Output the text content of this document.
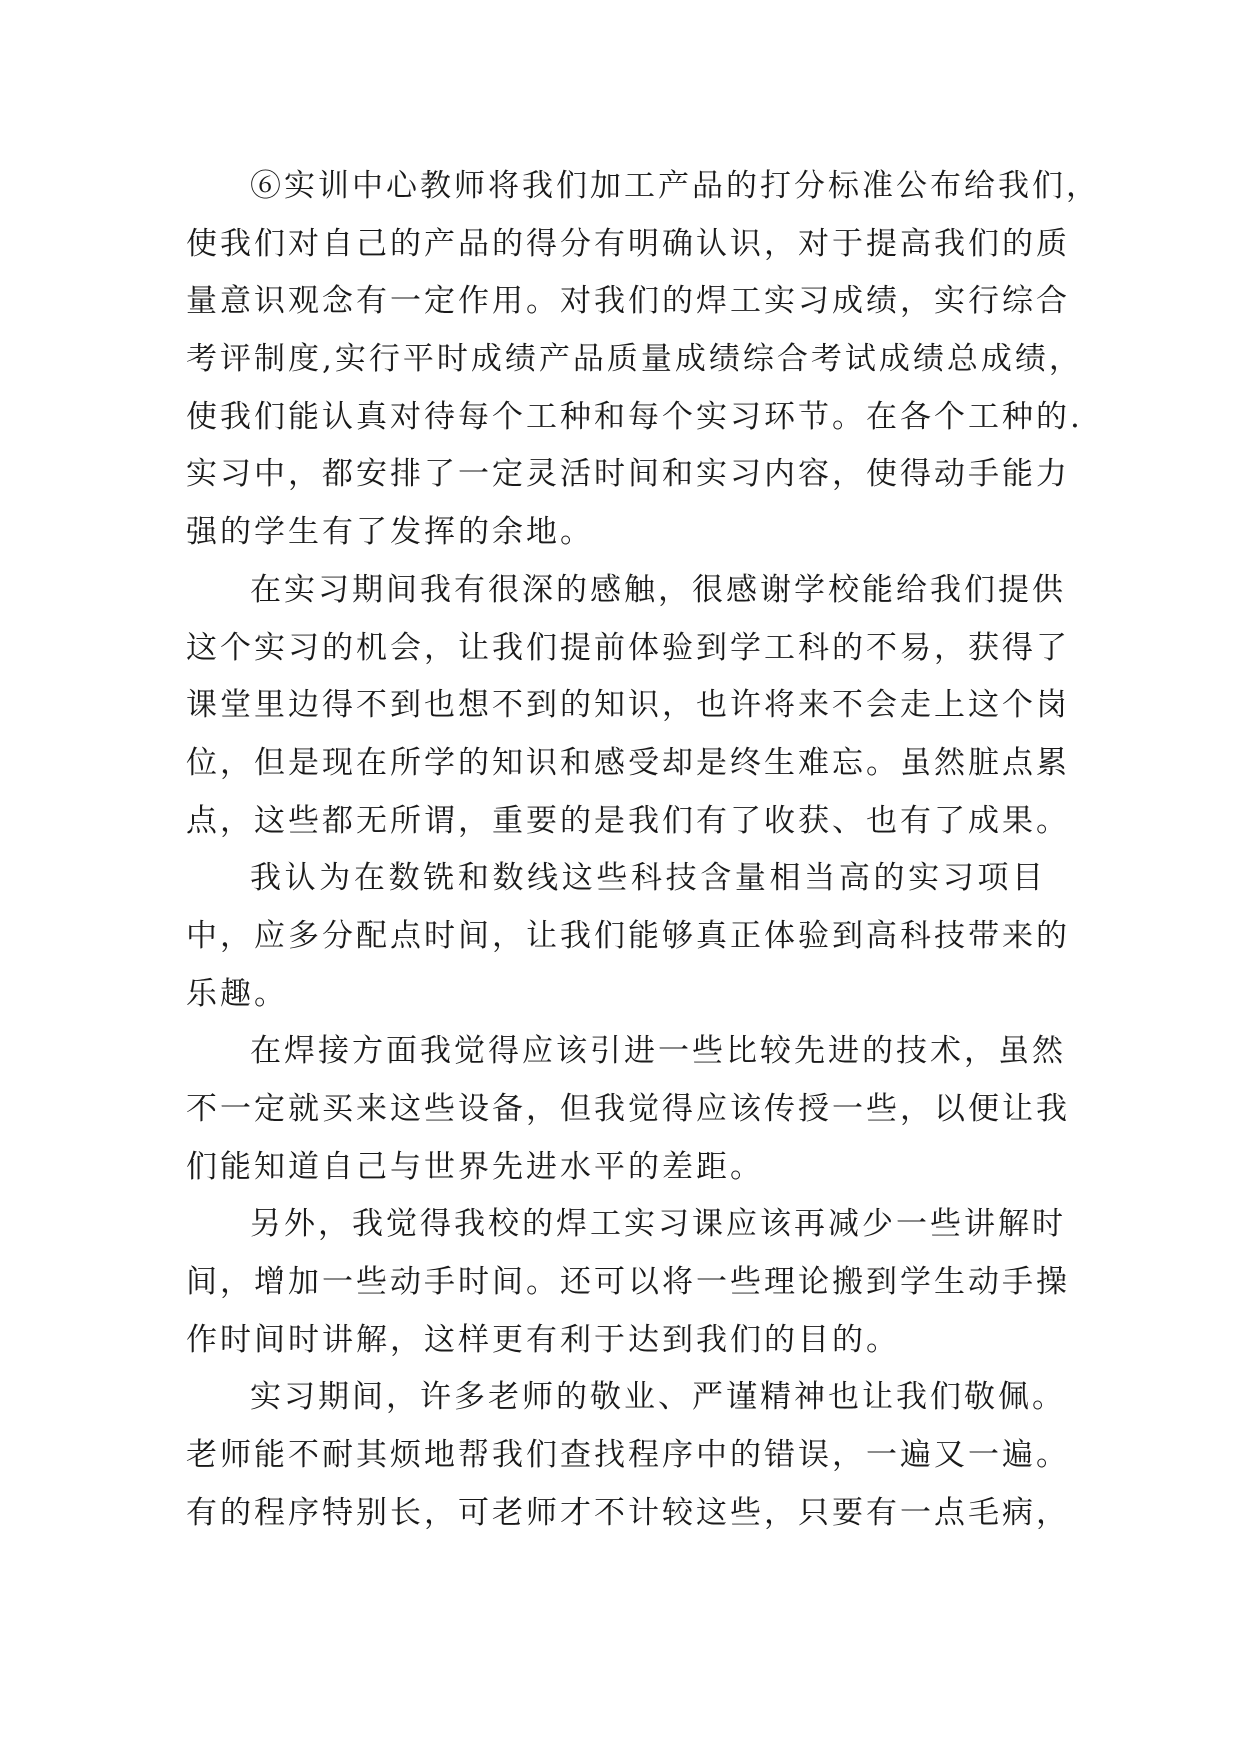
⑥实训中心教师将我们加工产品的打分标准公布给我们，
使我们对自己的产品的得分有明确认识，对于提高我们的质
量意识观念有一定作用。对我们的焊工实习成绩，实行综合
考评制度,实行平时成绩产品质量成绩综合考试成绩总成绩，
使我们能认真对待每个工种和每个实习环节。在各个工种的.
实习中，都安排了一定灵活时间和实习内容，使得动手能力
强的学生有了发挥的余地。
在实习期间我有很深的感触，很感谢学校能给我们提供
这个实习的机会，让我们提前体验到学工科的不易，获得了
课堂里边得不到也想不到的知识，也许将来不会走上这个岗
位，但是现在所学的知识和感受却是终生难忘。虽然脏点累
点，这些都无所谓，重要的是我们有了收获、也有了成果。
我认为在数铣和数线这些科技含量相当高的实习项目
中，应多分配点时间，让我们能够真正体验到高科技带来的
乐趣。
在焊接方面我觉得应该引进一些比较先进的技术，虽然
不一定就买来这些设备，但我觉得应该传授一些，以便让我
们能知道自己与世界先进水平的差距。
另外，我觉得我校的焊工实习课应该再减少一些讲解时
间，增加一些动手时间。还可以将一些理论搬到学生动手操
作时间时讲解，这样更有利于达到我们的目的。
实习期间，许多老师的敬业、严谨精神也让我们敬佩。
老师能不耐其烦地帮我们查找程序中的错误，一遍又一遍。
有的程序特别长，可老师才不计较这些，只要有一点毛病，
